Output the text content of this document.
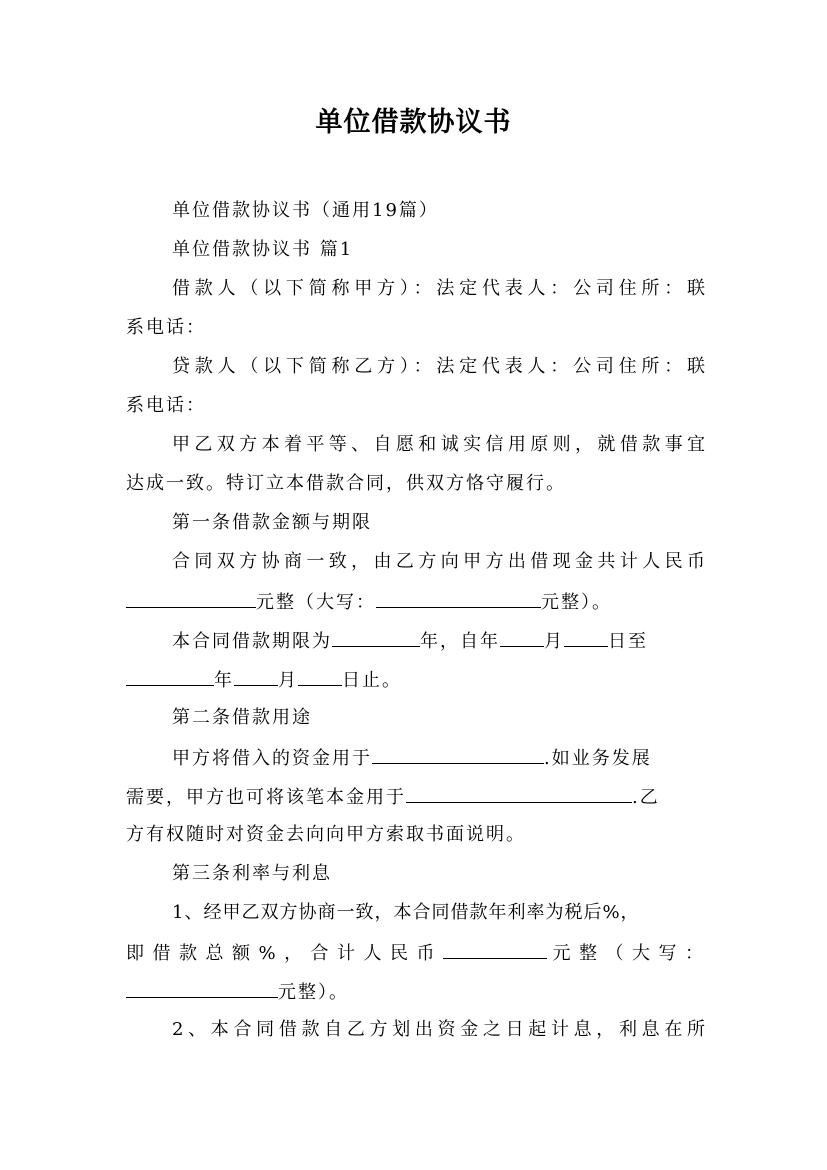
单位借款协议书
单位借款协议书（通用19篇）
单位借款协议书 篇1
借款人（以下简称甲方）：法定代表人：公司住所：联
系电话：
贷款人（以下简称乙方）：法定代表人：公司住所：联
系电话：
甲乙双方本着平等、自愿和诚实信用原则，就借款事宜
达成一致。特订立本借款合同，供双方恪守履行。
第一条借款金额与期限
合同双方协商一致，由乙方向甲方出借现金共计人民币
元整（大写：	元整）。
本合同借款期限为	年，自年 月 日至
年 月 日止。
第二条借款用途
甲方将借入的资金用于	.如业务发展
需要，甲方也可将该笔本金用于	.乙
方有权随时对资金去向向甲方索取书面说明。
第三条利率与利息
1、经甲乙双方协商一致，本合同借款年利率为税后%，
即借款总额%，合计人民币	元整（大写：
元整）。
2、本合同借款自乙方划出资金之日起计息，利息在所
